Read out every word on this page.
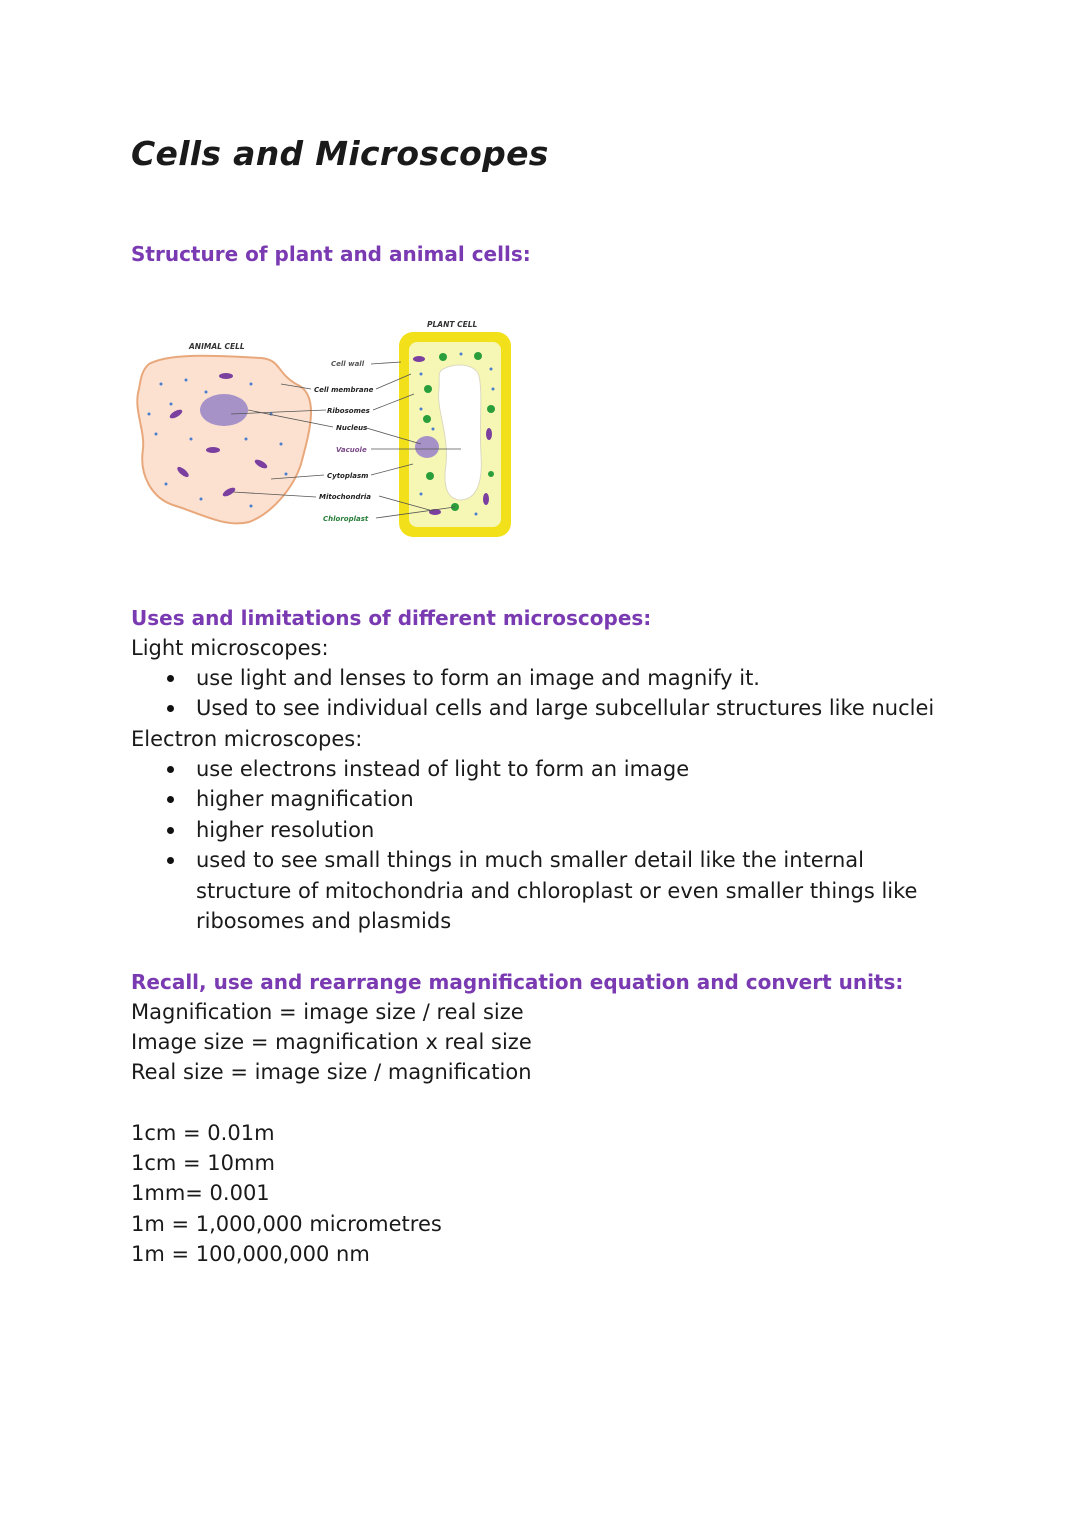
Cells and Microscopes
Structure of plant and animal cells:
ANIMAL CELL
PLANT CELL
Cell wall
Cell membrane
Ribosomes
Nucleus
Vacuole
Cytoplasm
Mitochondria
Chloroplast
Uses and limitations of different microscopes:

Light microscopes:

use light and lenses to form an image and magnify it.
Used to see individual cells and large subcellular structures like nuclei

Electron microscopes:

use electrons instead of light to form an image
higher magnification
higher resolution
used to see small things in much smaller detail like the internal structure of mitochondria and chloroplast or even smaller things like ribosomes and plasmids
Recall, use and rearrange magnification equation and convert units:

Magnification = image size / real size

Image size = magnification x real size

Real size = image size / magnification

1cm = 0.01m

1cm = 10mm

1mm= 0.001

1m = 1,000,000 micrometres

1m = 100,000,000 nm
